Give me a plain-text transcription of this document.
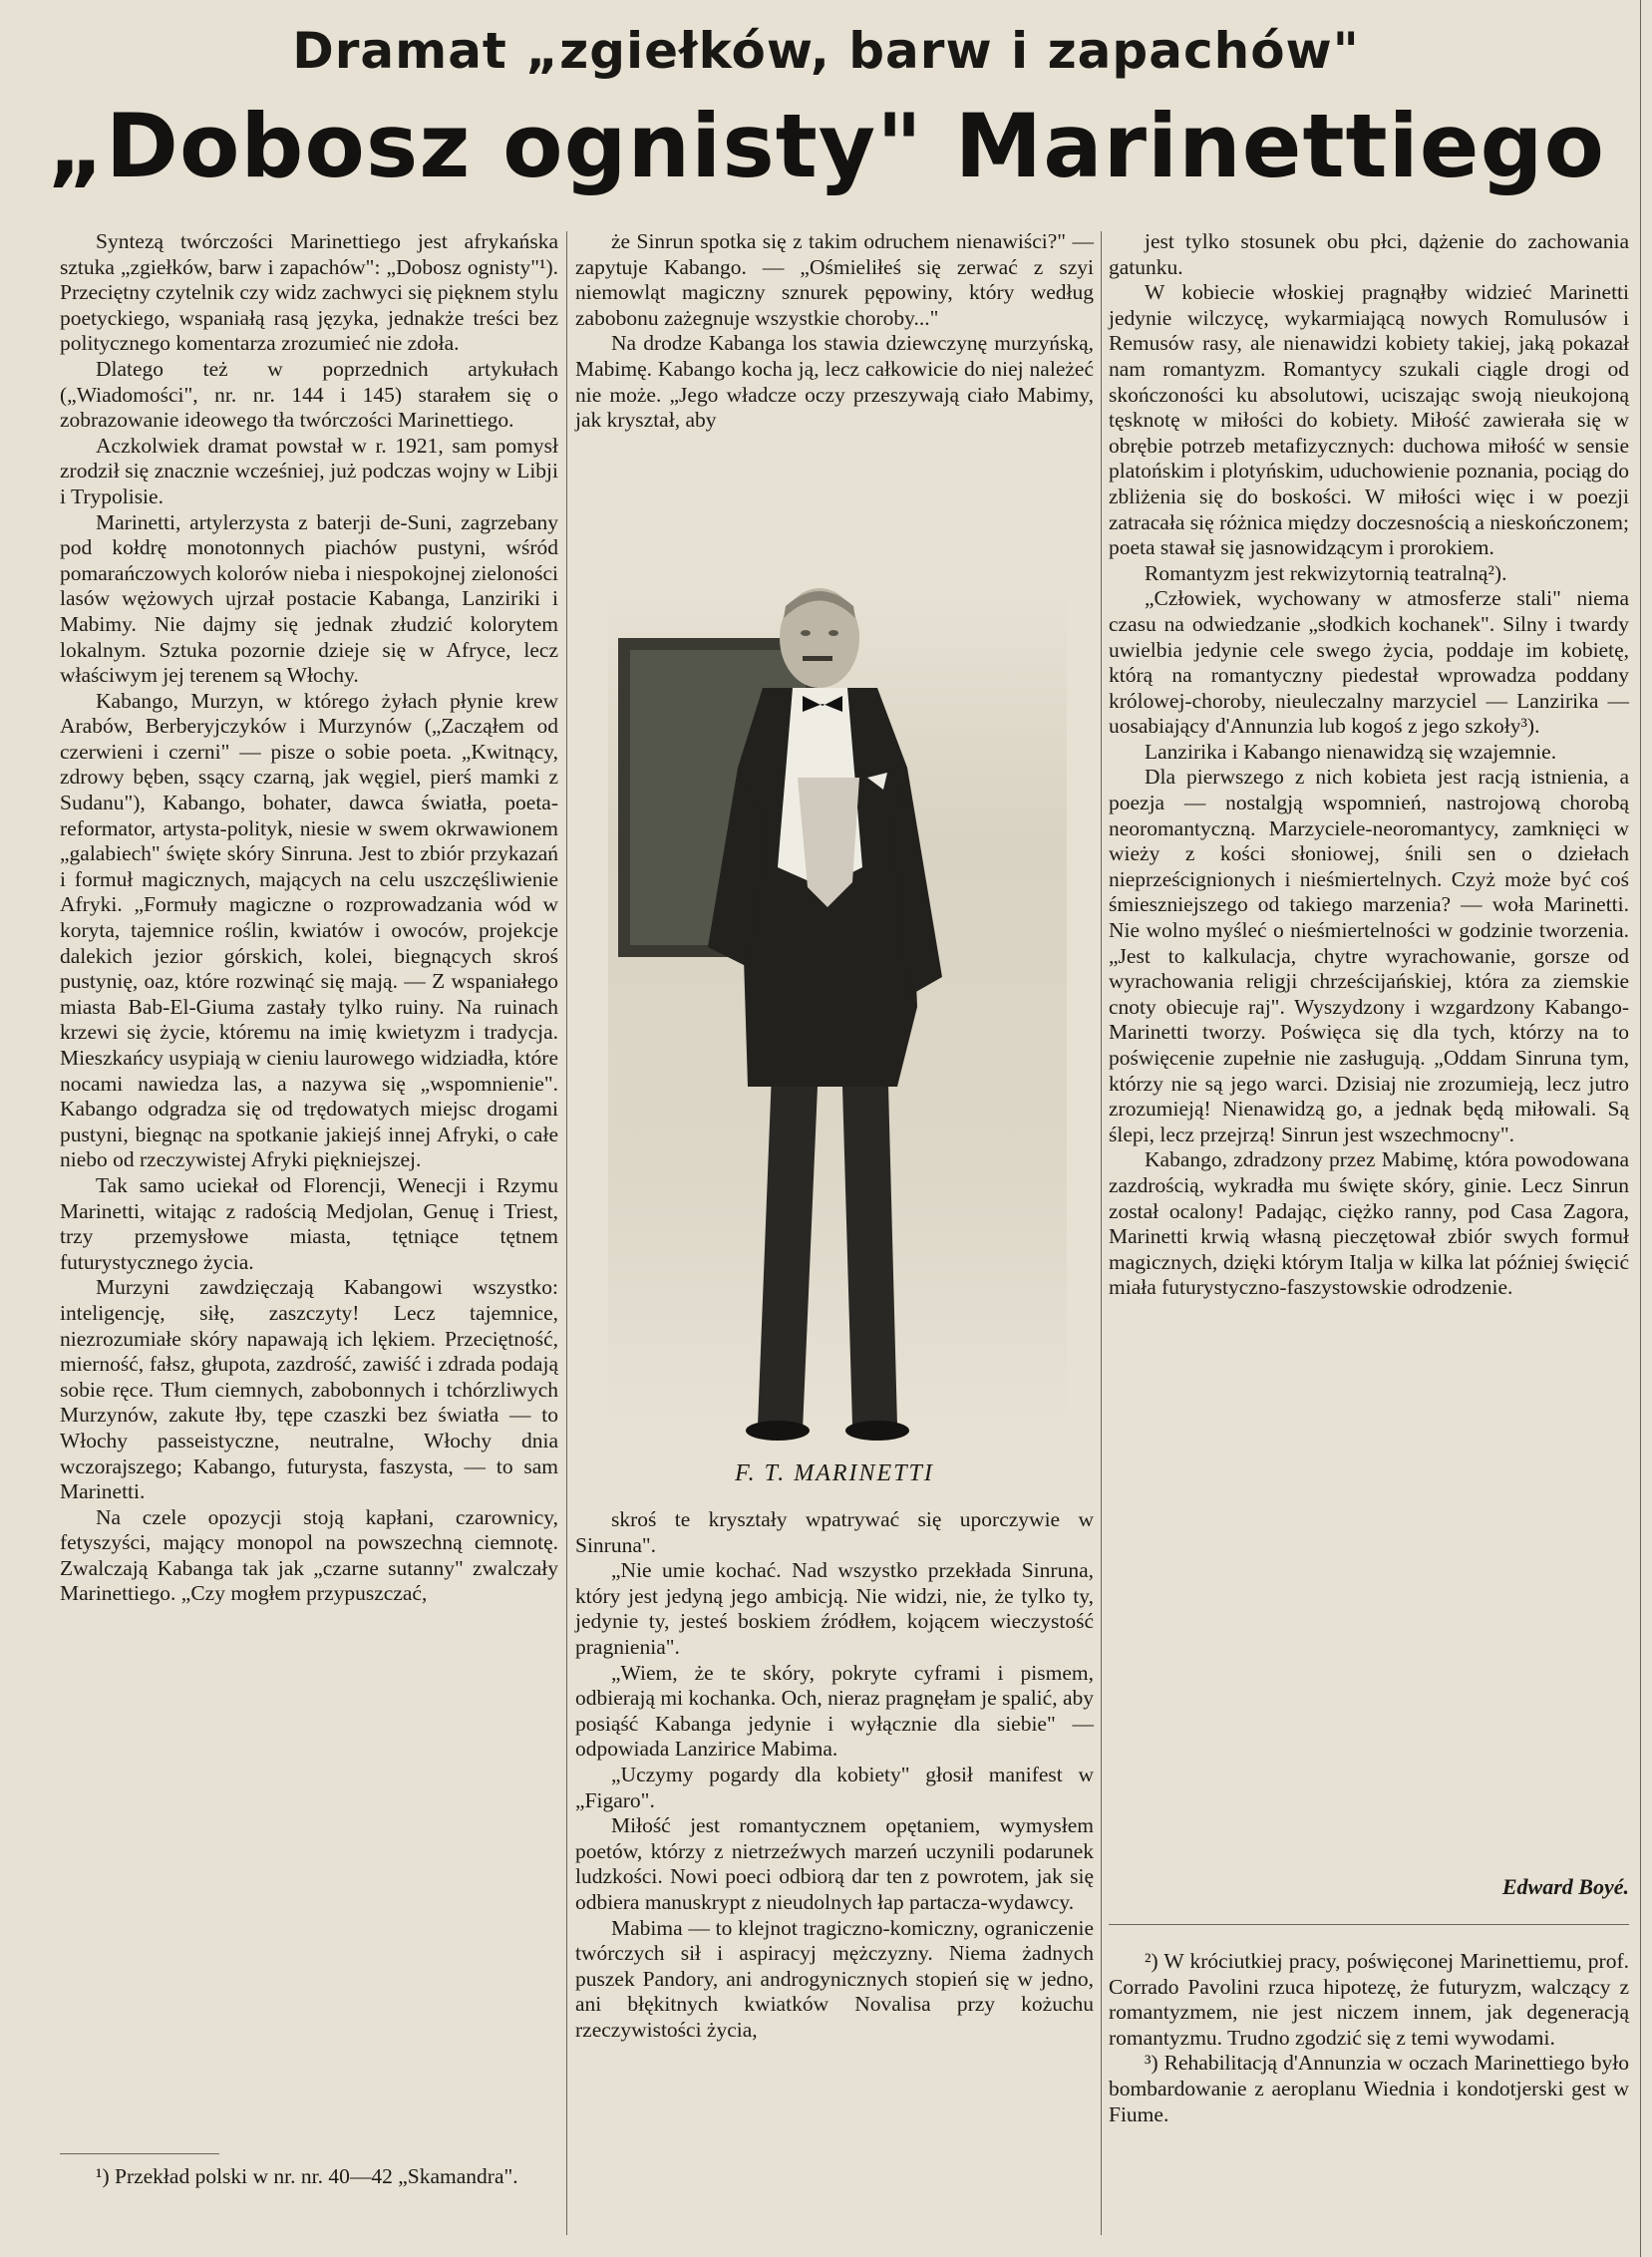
Dramat „zgiełków, barw i zapachów"
„Dobosz ognisty" Marinettiego

Syntezą twórczości Marinettiego jest afrykańska sztuka „zgiełków, barw i zapachów": „Dobosz ognisty"¹). Przeciętny czytelnik czy widz zachwyci się pięknem stylu poetyckiego, wspaniałą rasą języka, jednakże treści bez politycznego komentarza zrozumieć nie zdoła.

Dlatego też w poprzednich artykułach („Wiadomości", nr. nr. 144 i 145) starałem się o zobrazowanie ideowego tła twórczości Marinettiego.

Aczkolwiek dramat powstał w r. 1921, sam pomysł zrodził się znacznie wcześniej, już podczas wojny w Libji i Trypolisie.

Marinetti, artylerzysta z baterji de-Suni, zagrzebany pod kołdrę monotonnych piachów pustyni, wśród pomarańczowych kolorów nieba i niespokojnej zieloności lasów wężowych ujrzał postacie Kabanga, Lanziriki i Mabimy. Nie dajmy się jednak złudzić kolorytem lokalnym. Sztuka pozornie dzieje się w Afryce, lecz właściwym jej terenem są Włochy.

Kabango, Murzyn, w którego żyłach płynie krew Arabów, Berberyjczyków i Murzynów („Zacząłem od czerwieni i czerni" — pisze o sobie poeta. „Kwitnący, zdrowy bęben, ssący czarną, jak węgiel, pierś mamki z Sudanu"), Kabango, bohater, dawca światła, poeta-reformator, artysta-polityk, niesie w swem okrwawionem „galabiech" święte skóry Sinruna. Jest to zbiór przykazań i formuł magicznych, mających na celu uszczęśliwienie Afryki. „Formuły magiczne o rozprowadzania wód w koryta, tajemnice roślin, kwiatów i owoców, projekcje dalekich jezior górskich, kolei, biegnących skroś pustynię, oaz, które rozwinąć się mają. — Z wspaniałego miasta Bab-El-Giuma zastały tylko ruiny. Na ruinach krzewi się życie, któremu na imię kwietyzm i tradycja. Mieszkańcy usypiają w cieniu laurowego widziadła, które nocami nawiedza las, a nazywa się „wspomnienie". Kabango odgradza się od trędowatych miejsc drogami pustyni, biegnąc na spotkanie jakiejś innej Afryki, o całe niebo od rzeczywistej Afryki piękniejszej.

Tak samo uciekał od Florencji, Wenecji i Rzymu Marinetti, witając z radością Medjolan, Genuę i Triest, trzy przemysłowe miasta, tętniące tętnem futurystycznego życia.

Murzyni zawdzięczają Kabangowi wszystko: inteligencję, siłę, zaszczyty! Lecz tajemnice, niezrozumiałe skóry napawają ich lękiem. Przeciętność, mierność, fałsz, głupota, zazdrość, zawiść i zdrada podają sobie ręce. Tłum ciemnych, zabobonnych i tchórzliwych Murzynów, zakute łby, tępe czaszki bez światła — to Włochy passeistyczne, neutralne, Włochy dnia wczorajszego; Kabango, futurysta, faszysta, — to sam Marinetti.

Na czele opozycji stoją kapłani, czarownicy, fetyszyści, mający monopol na powszechną ciemnotę. Zwalczają Kabanga tak jak „czarne sutanny" zwalczały Marinettiego. „Czy mogłem przypuszczać,

¹) Przekład polski w nr. nr. 40—42 „Skamandra".

że Sinrun spotka się z takim odruchem nienawiści?" — zapytuje Kabango. — „Ośmieliłeś się zerwać z szyi niemowląt magiczny sznurek pępowiny, który według zabobonu zażegnuje wszystkie choroby..."

Na drodze Kabanga los stawia dziewczynę murzyńską, Mabimę. Kabango kocha ją, lecz całkowicie do niej należeć nie może. „Jego władcze oczy przeszywają ciało Mabimy, jak kryształ, aby

F. T. MARINETTI

skroś te kryształy wpatrywać się uporczywie w Sinruna".

„Nie umie kochać. Nad wszystko przekłada Sinruna, który jest jedyną jego ambicją. Nie widzi, nie, że tylko ty, jedynie ty, jesteś boskiem źródłem, kojącem wieczystość pragnienia".

„Wiem, że te skóry, pokryte cyframi i pismem, odbierają mi kochanka. Och, nieraz pragnęłam je spalić, aby posiąść Kabanga jedynie i wyłącznie dla siebie" — odpowiada Lanzirice Mabima.

„Uczymy pogardy dla kobiety" głosił manifest w „Figaro".

Miłość jest romantycznem opętaniem, wymysłem poetów, którzy z nietrzeźwych marzeń uczynili podarunek ludzkości. Nowi poeci odbiorą dar ten z powrotem, jak się odbiera manuskrypt z nieudolnych łap partacza-wydawcy.

Mabima — to klejnot tragiczno-komiczny, ograniczenie twórczych sił i aspiracyj mężczyzny. Niema żadnych puszek Pandory, ani androgynicznych stopień się w jedno, ani błękitnych kwiatków Novalisa przy kożuchu rzeczywistości życia,

jest tylko stosunek obu płci, dążenie do zachowania gatunku.

W kobiecie włoskiej pragnąłby widzieć Marinetti jedynie wilczycę, wykarmiającą nowych Romulusów i Remusów rasy, ale nienawidzi kobiety takiej, jaką pokazał nam romantyzm. Romantycy szukali ciągle drogi od skończoności ku absolutowi, uciszając swoją nieukojoną tęsknotę w miłości do kobiety. Miłość zawierała się w obrębie potrzeb metafizycznych: duchowa miłość w sensie platońskim i plotyńskim, uduchowienie poznania, pociąg do zbliżenia się do boskości. W miłości więc i w poezji zatracała się różnica między doczesnością a nieskończonem; poeta stawał się jasnowidzącym i prorokiem.

Romantyzm jest rekwizytornią teatralną²).

„Człowiek, wychowany w atmosferze stali" niema czasu na odwiedzanie „słodkich kochanek". Silny i twardy uwielbia jedynie cele swego życia, poddaje im kobietę, którą na romantyczny piedestał wprowadza poddany królowej-choroby, nieuleczalny marzyciel — Lanzirika — uosabiający d'Annunzia lub kogoś z jego szkoły³).

Lanzirika i Kabango nienawidzą się wzajemnie.

Dla pierwszego z nich kobieta jest racją istnienia, a poezja — nostalgją wspomnień, nastrojową chorobą neoromantyczną. Marzyciele-neoromantycy, zamknięci w wieży z kości słoniowej, śnili sen o dziełach nieprześcignionych i nieśmiertelnych. Czyż może być coś śmieszniejszego od takiego marzenia? — woła Marinetti. Nie wolno myśleć o nieśmiertelności w godzinie tworzenia. „Jest to kalkulacja, chytre wyrachowanie, gorsze od wyrachowania religji chrześcijańskiej, która za ziemskie cnoty obiecuje raj". Wyszydzony i wzgardzony Kabango-Marinetti tworzy. Poświęca się dla tych, którzy na to poświęcenie zupełnie nie zasługują. „Oddam Sinruna tym, którzy nie są jego warci. Dzisiaj nie zrozumieją, lecz jutro zrozumieją! Nienawidzą go, a jednak będą miłowali. Są ślepi, lecz przejrzą! Sinrun jest wszechmocny".

Kabango, zdradzony przez Mabimę, która powodowana zazdrością, wykradła mu święte skóry, ginie. Lecz Sinrun został ocalony! Padając, ciężko ranny, pod Casa Zagora, Marinetti krwią własną pieczętował zbiór swych formuł magicznych, dzięki którym Italja w kilka lat później święcić miała futurystyczno-faszystowskie odrodzenie.

Edward Boyé.

²) W króciutkiej pracy, poświęconej Marinettiemu, prof. Corrado Pavolini rzuca hipotezę, że futuryzm, walczący z romantyzmem, nie jest niczem innem, jak degeneracją romantyzmu. Trudno zgodzić się z temi wywodami.

³) Rehabilitacją d'Annunzia w oczach Marinettiego było bombardowanie z aeroplanu Wiednia i kondotjerski gest w Fiume.
